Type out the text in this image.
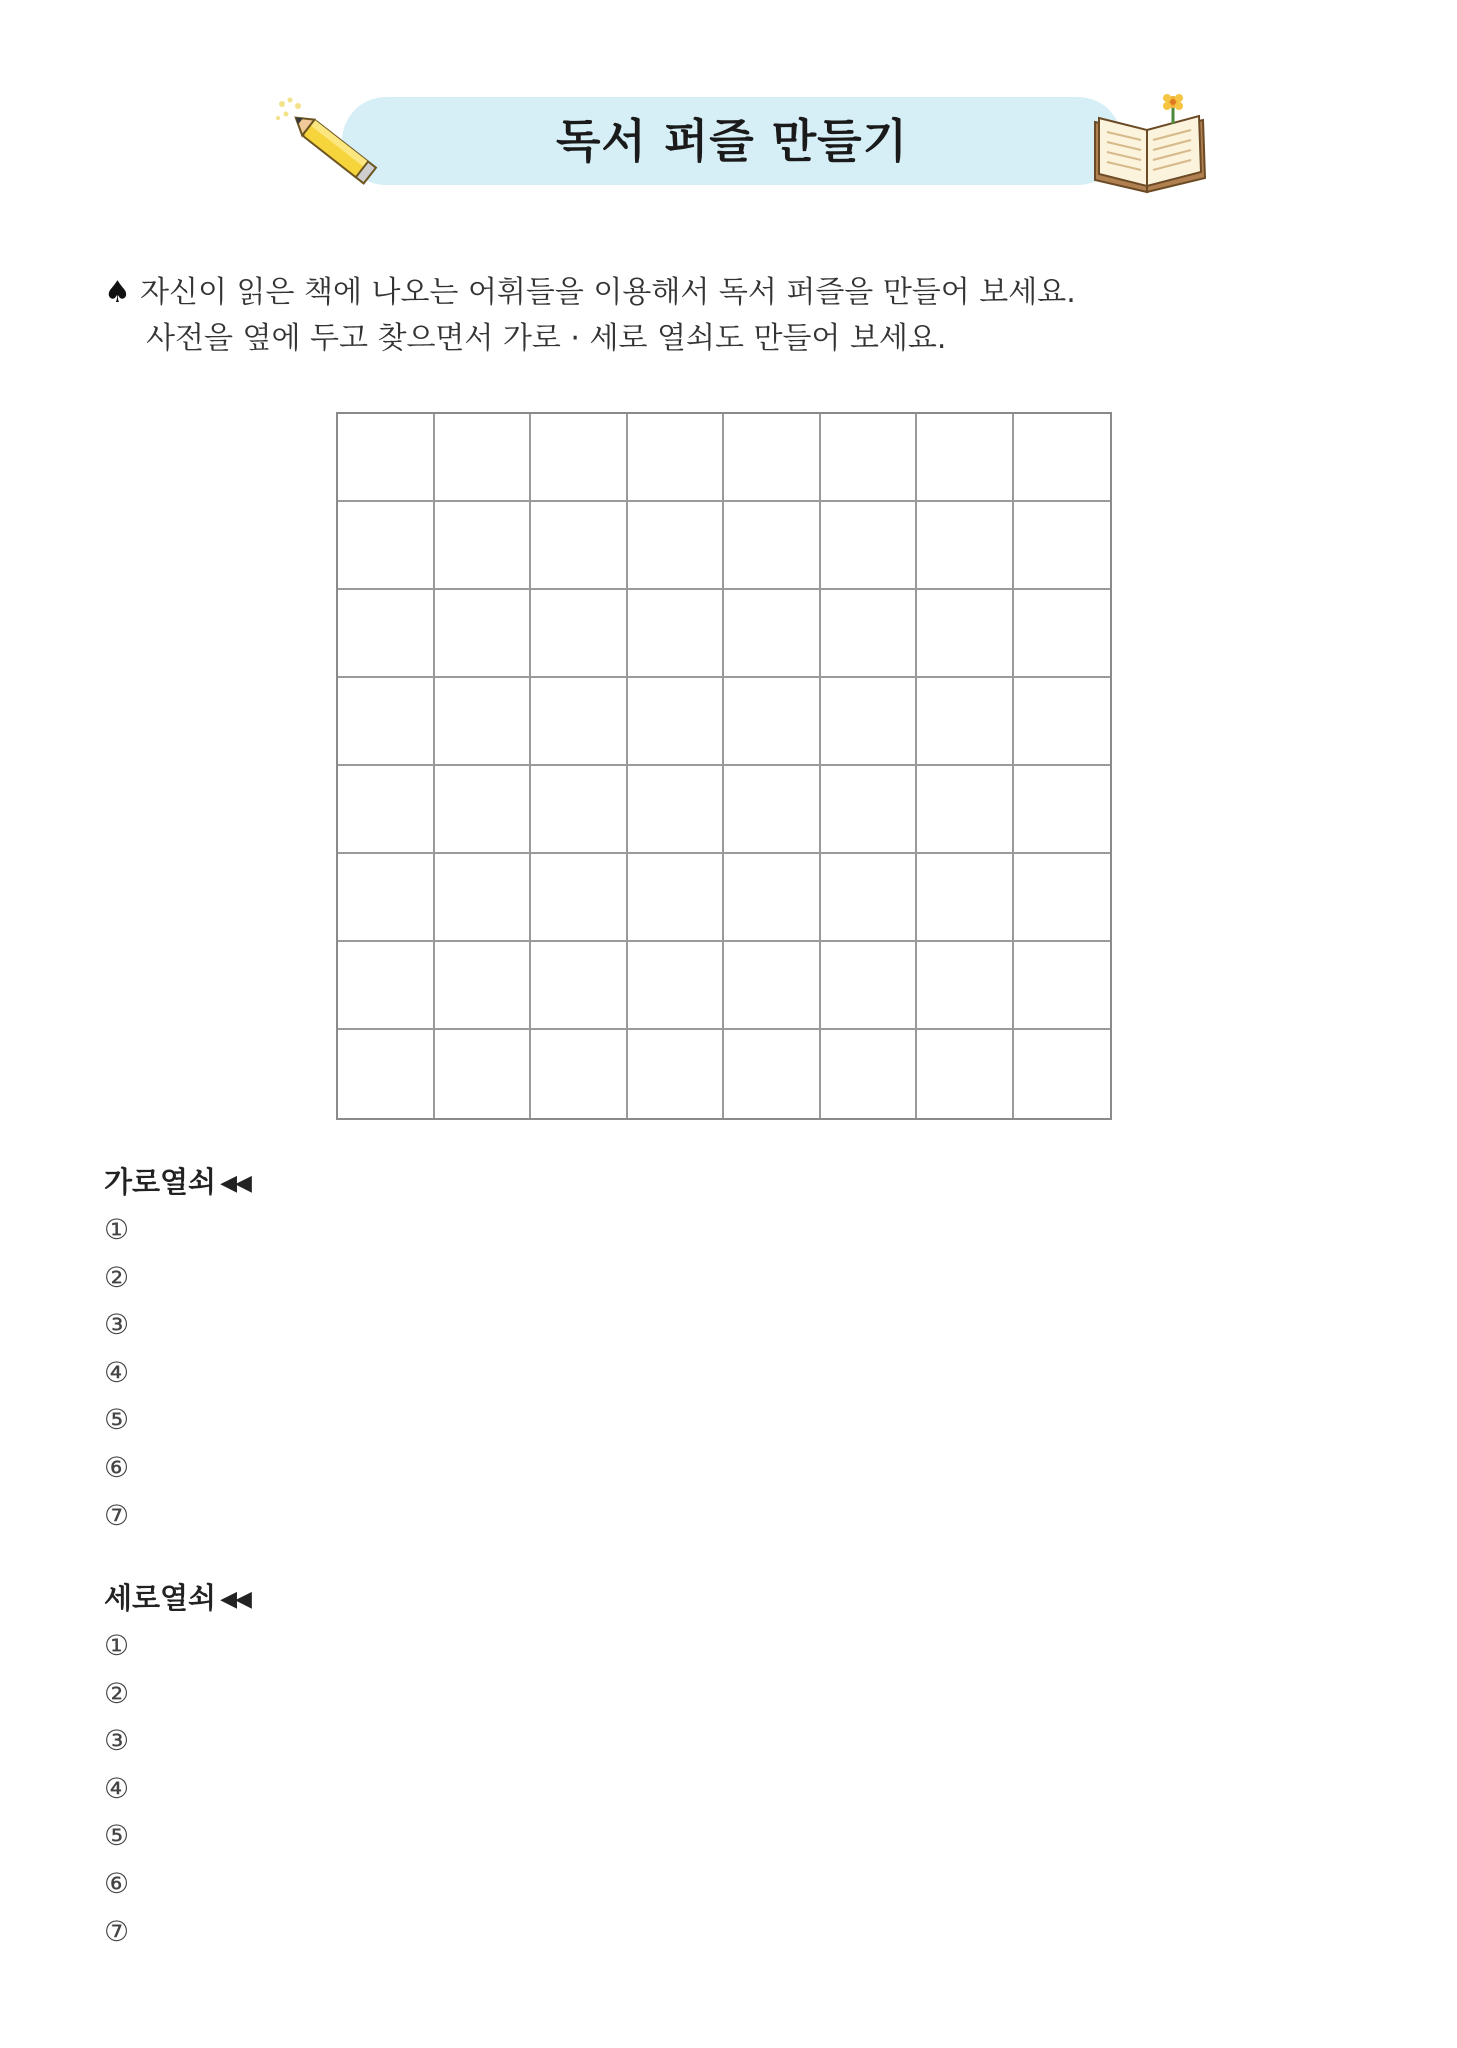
독서 퍼즐 만들기
♠ 자신이 읽은 책에 나오는 어휘들을 이용해서 독서 퍼즐을 만들어 보세요.
사전을 옆에 두고 찾으면서 가로 · 세로 열쇠도 만들어 보세요.
가로열쇠 ◀◀
①
②
③
④
⑤
⑥
⑦
세로열쇠 ◀◀
①
②
③
④
⑤
⑥
⑦
